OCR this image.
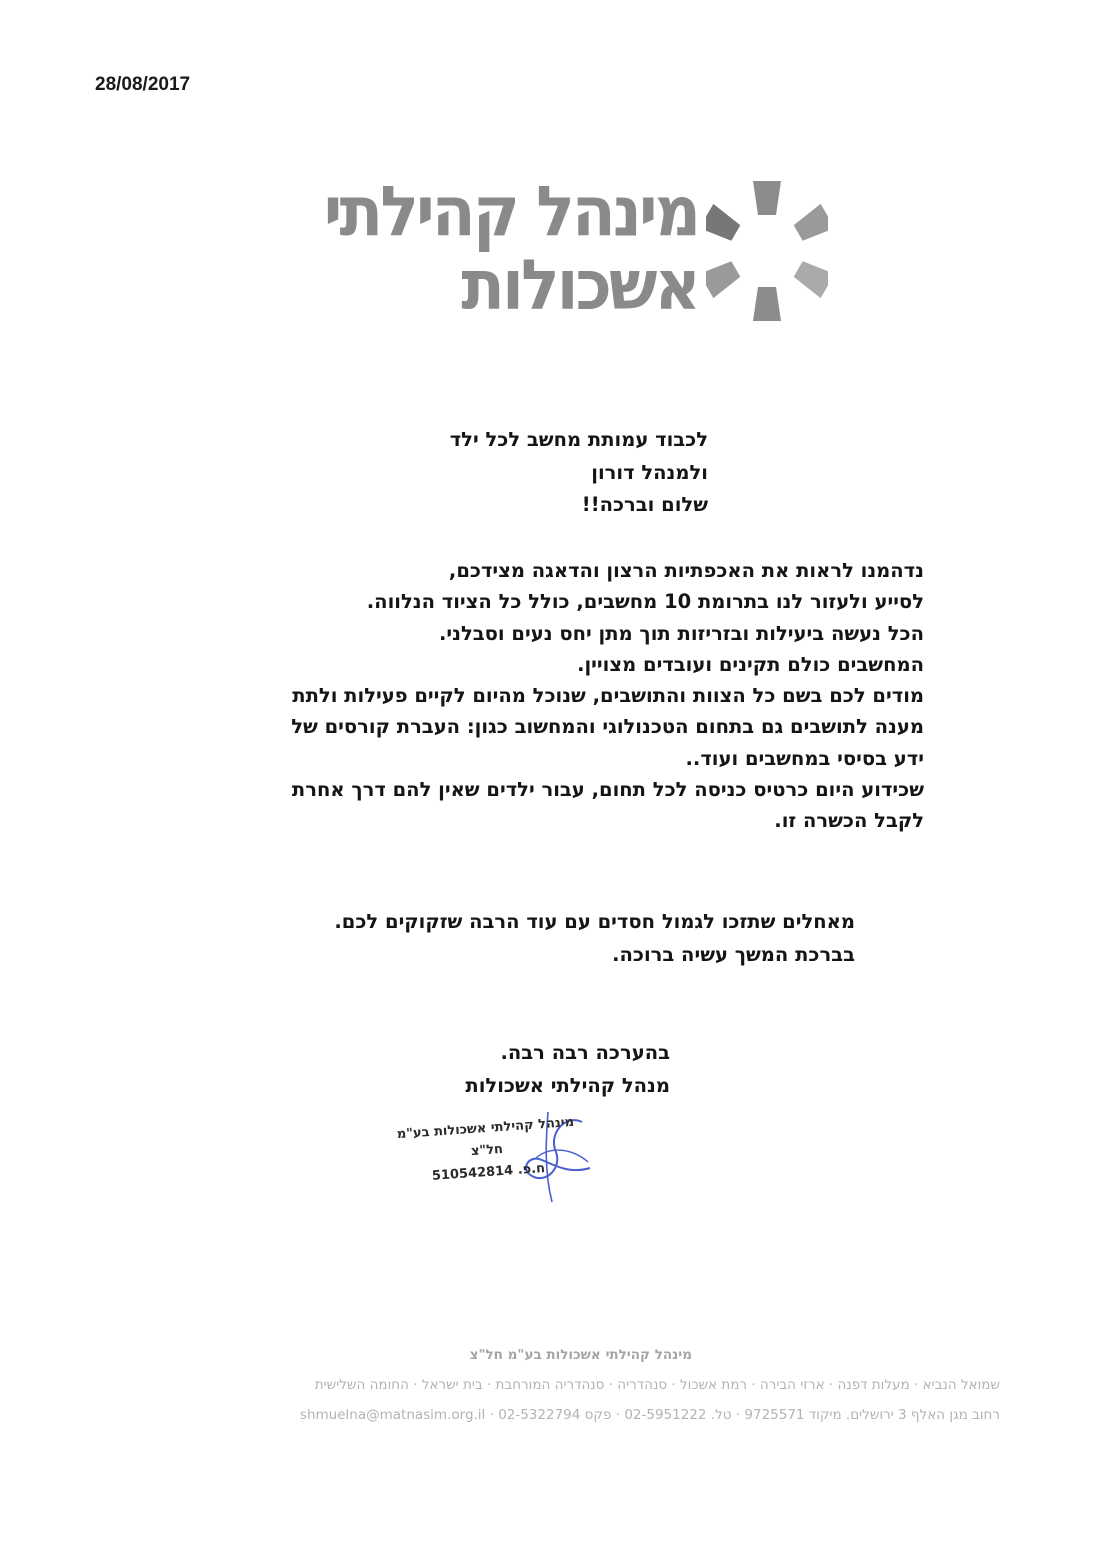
28/08/2017
מינהל קהילתי
אשכולות
לכבוד עמותת מחשב לכל ילד
ולמנהל דורון
שלום וברכה!!
נדהמנו לראות את האכפתיות הרצון והדאגה מצידכם,
לסייע ולעזור לנו בתרומת 10 מחשבים, כולל כל הציוד הנלווה.
הכל נעשה ביעילות ובזריזות תוך מתן יחס נעים וסבלני.
המחשבים כולם תקינים ועובדים מצויין.
מודים לכם בשם כל הצוות והתושבים, שנוכל מהיום לקיים פעילות ולתת
מענה לתושבים גם בתחום הטכנולוגי והמחשוב כגון: העברת קורסים של
ידע בסיסי במחשבים ועוד..
שכידוע היום כרטיס כניסה לכל תחום, עבור ילדים שאין להם דרך אחרת
לקבל הכשרה זו.
מאחלים שתזכו לגמול חסדים עם עוד הרבה שזקוקים לכם.
בברכת המשך עשיה ברוכה.
בהערכה רבה רבה.
מנהל קהילתי אשכולות
מינהל קהילתי אשכולות בע"מ
חל"צ
ח.פ. 510542814
מינהל קהילתי אשכולות בע"מ חל"צ
שמואל הנביא · מעלות דפנה · ארזי הבירה · רמת אשכול · סנהדריה · סנהדריה המורחבת · בית ישראל · החומה השלישית
רחוב מגן האלף 3 ירושלים. מיקוד 9725571 · טל. 02-5951222 · פקס 02-5322794 · shmuelna@matnasim.org.il
